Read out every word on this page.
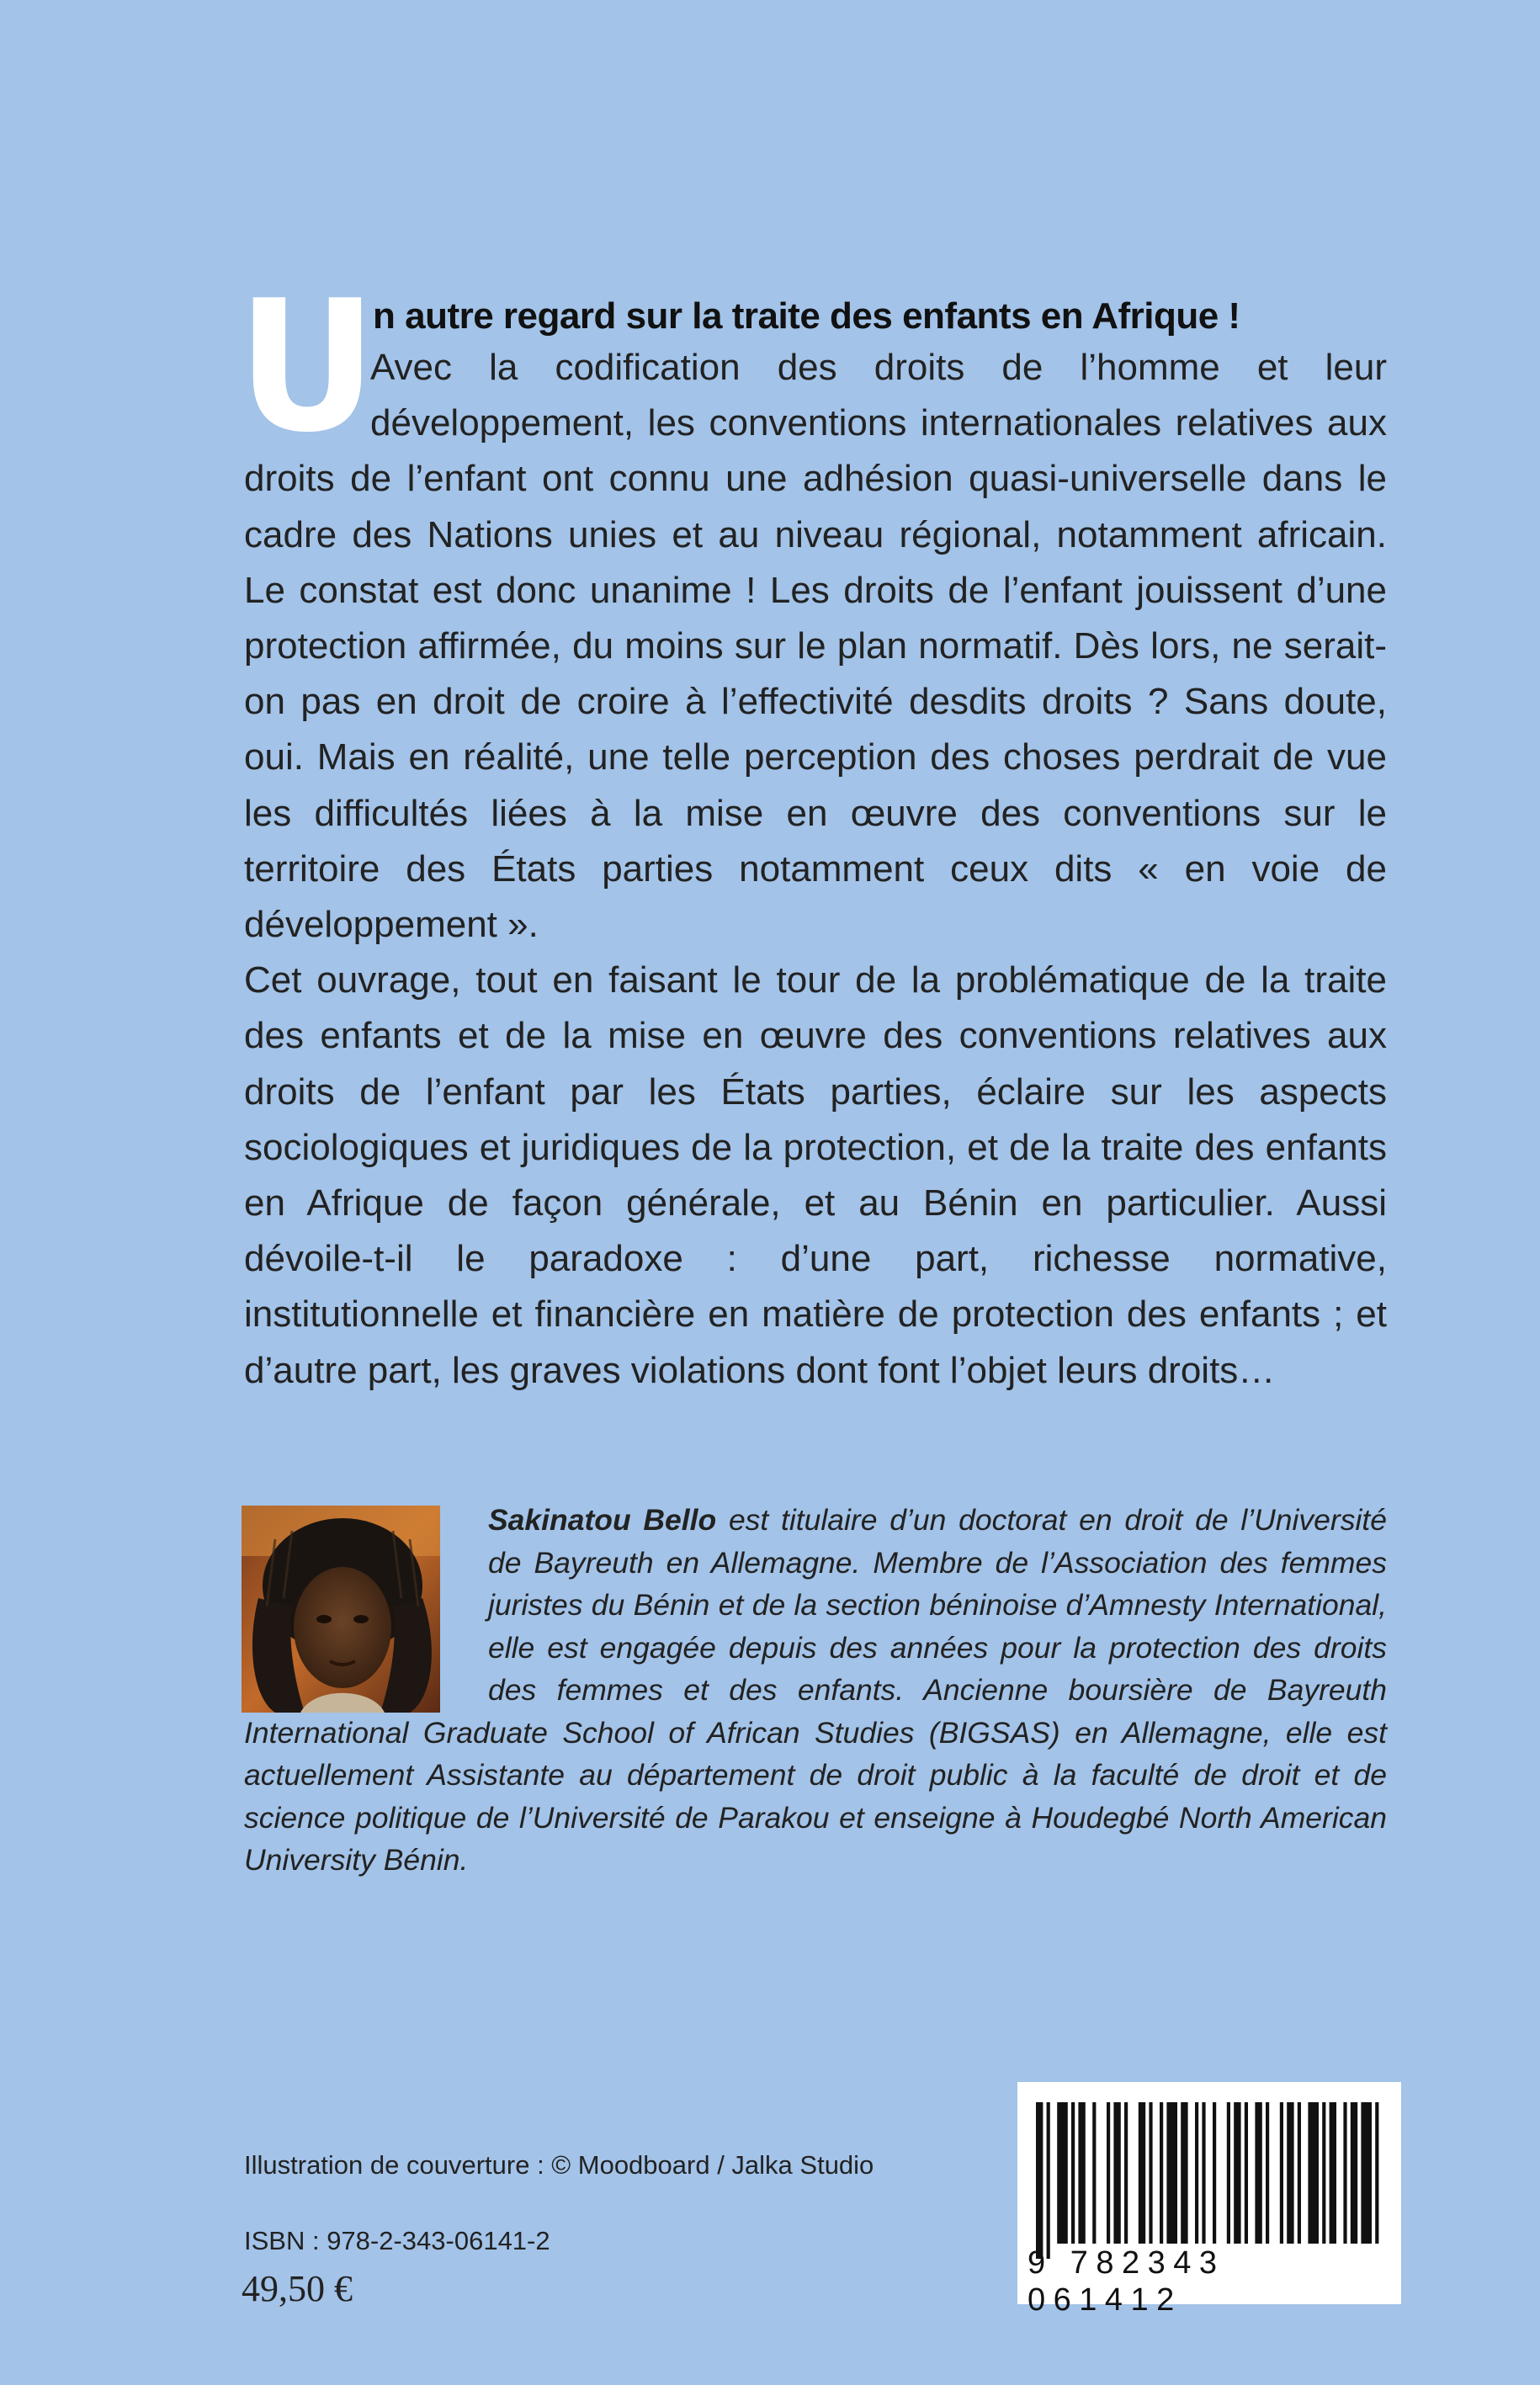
U
n autre regard sur la traite des enfants en Afrique !

Avec la codification des droits de l’homme et leur développement, les conventions internationales relatives aux droits de l’enfant ont connu une adhésion quasi-universelle dans le cadre des Nations unies et au niveau régional, notamment africain. Le constat est donc unanime ! Les droits de l’enfant jouissent d’une protection affirmée, du moins sur le plan normatif. Dès lors, ne serait-on pas en droit de croire à l’effectivité desdits droits ? Sans doute, oui. Mais en réalité, une telle perception des choses perdrait de vue les difficultés liées à la mise en œuvre des conventions sur le territoire des États parties notamment ceux dits « en voie de développement ».

Cet ouvrage, tout en faisant le tour de la problématique de la traite des enfants et de la mise en œuvre des conventions relatives aux droits de l’enfant par les États parties, éclaire sur les aspects sociologiques et juridiques de la protection, et de la traite des enfants en Afrique de façon générale, et au Bénin en particulier. Aussi dévoile-t-il le paradoxe : d’une part, richesse normative, institutionnelle et financière en matière de protection des enfants ; et d’autre part, les graves violations dont font l’objet leurs droits…

Sakinatou Bello est titulaire d’un doctorat en droit de l’Université de Bayreuth en Allemagne. Membre de l’Association des femmes juristes du Bénin et de la section béninoise d’Amnesty International, elle est engagée depuis des années pour la protection des droits des femmes et des enfants. Ancienne boursière de Bayreuth International Graduate School of African Studies (BIGSAS) en Allemagne, elle est actuellement Assistante au département de droit public à la faculté de droit et de science politique de l’Université de Parakou et enseigne à Houdegbé North American University Bénin.
Illustration de couverture : © Moodboard / Jalka Studio
ISBN : 978-2-343-06141-2
49,50 €
9 782343 061412
